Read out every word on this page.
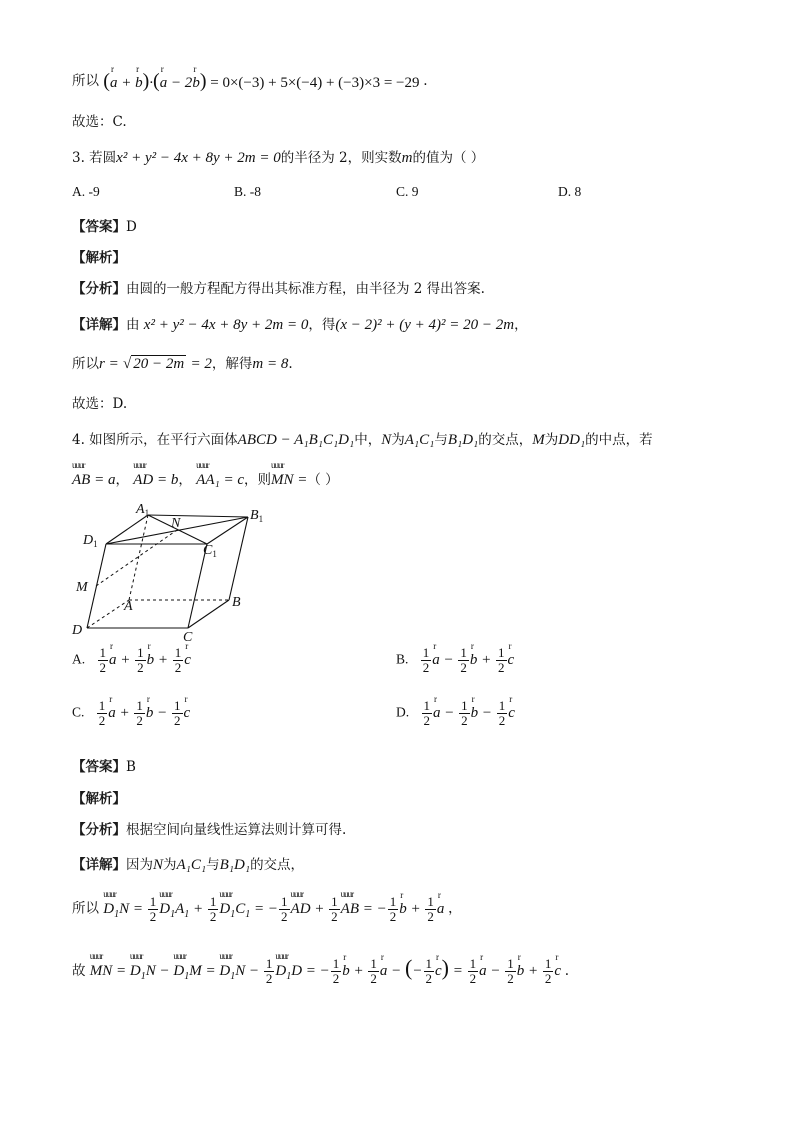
所以 (r a + r b)·(r a − 2r b) = 0×(−3) + 5×(−4) + (−3)×3 = −29 .
故选：C.
3. 若圆x² + y² − 4x + 8y + 2m = 0的半径为 2，则实数m的值为（ ）
A. -9	B. -8	C. 9	D. 8
【答案】D
【解析】
【分析】由圆的一般方程配方得出其标准方程，由半径为 2 得出答案.
【详解】由 x² + y² − 4x + 8y + 2m = 0，得(x − 2)² + (y + 4)² = 20 − 2m，
所以r = √ 20 − 2m = 2，解得m = 8.
故选：D.
4. 如图所示，在平行六面体ABCD − A₁B₁C₁D₁中，N为A₁C₁与B₁D₁的交点，M为DD₁的中点，若
uuur AB = a， uuur AD = b， uuur AA₁ = c，则uuur MN =（ ）
$A_1$
N
$B_1$
$D_1$	$C_1$
M
A	B
D	C
A. $\frac{1}{2}$ r $a + \frac{1}{2}$ r $b + \frac{1}{2}$ r c	B. $\frac{1}{2}$ r $a - \frac{1}{2}$ r $b + \frac{1}{2}$ r c
C. $\frac{1}{2}$ r $a + \frac{1}{2}$ r $b - \frac{1}{2}$ r c	D. $\frac{1}{2}$ r $a - \frac{1}{2}$ r $b - \frac{1}{2}$ r c
【答案】B
【解析】
【分析】根据空间向量线性运算法则计算可得.
【详解】因为N为A₁C₁与B₁D₁的交点，
所以 uuur $D_1N = \frac{1}{2}$ uuur $D_1A_1 + \frac{1}{2}$ uuur $D_1C_1$ = − $\frac{1}{2}$ uuur AD + $\frac{1}{2}$ uuur AB = − $\frac{1}{2}$ r $b + \frac{1}{2}$ r a ，
故 uuur MN = uuur $D_1N$ − uuur $D_1M$ = uuur $D_1N - \frac{1}{2}$ uuur $D_1D$ = − $\frac{1}{2}$ r $b + \frac{1}{2}$ r a − (− $\frac{1}{2}$ r $c) = \frac{1}{2}$ r $a - \frac{1}{2}$ r $b + \frac{1}{2}$ r c .
